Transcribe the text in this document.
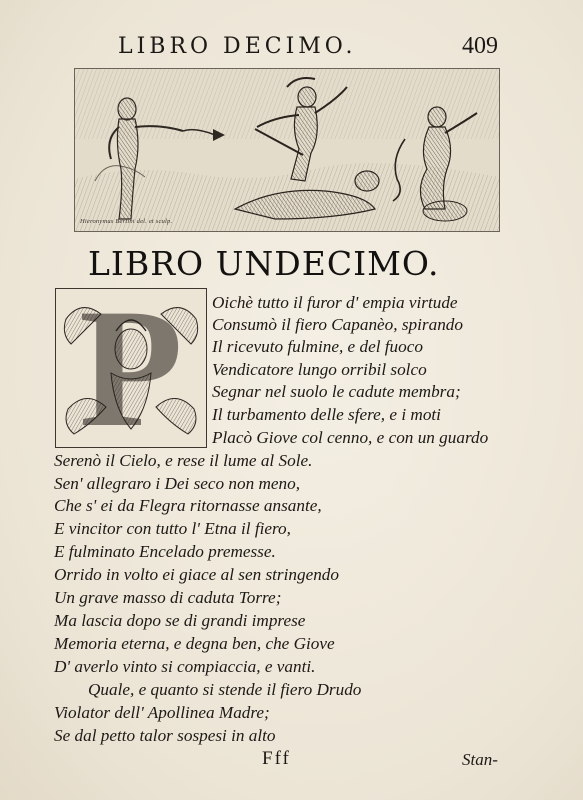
LIBRO DECIMO.	409
Hieronymus Bertini del. et sculp.
LIBRO UNDECIMO.
P	Oichè tutto il furor d' empia virtude
Consumò il fiero Capanèo, spirando
Il ricevuto fulmine, e del fuoco
Vendicatore lungo orribil solco
Segnar nel suolo le cadute membra;
Il turbamento delle sfere, e i moti
Placò Giove col cenno, e con un guardo
Serenò il Cielo, e rese il lume al Sole.
Sen' allegraro i Dei seco non meno,
Che s' ei da Flegra ritornasse ansante,
E vincitor con tutto l' Etna il fiero,
E fulminato Encelado premesse.
Orrido in volto ei giace al sen stringendo
Un grave masso di caduta Torre;
Ma lascia dopo se di grandi imprese
Memoria eterna, e degna ben, che Giove
D' averlo vinto si compiaccia, e vanti.
Quale, e quanto si stende il fiero Drudo
Violator dell' Apollinea Madre;
Se dal petto talor sospesi in alto
Fff	Stan-
